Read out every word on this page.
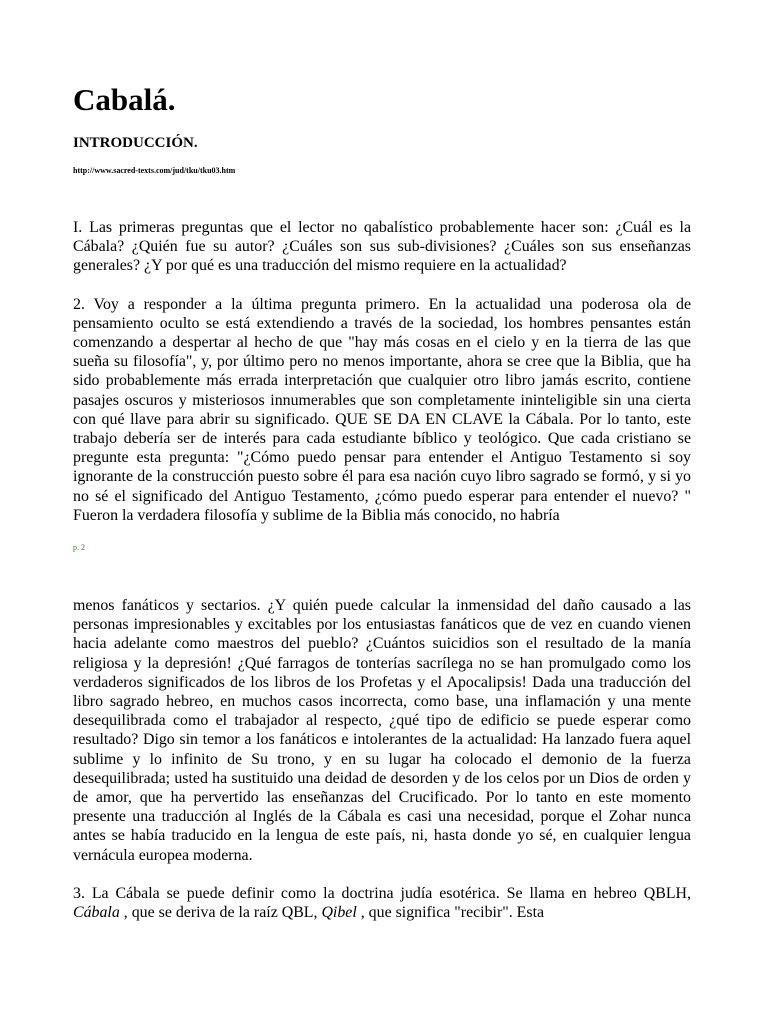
Cabalá.
INTRODUCCIÓN.
http://www.sacred-texts.com/jud/tku/tku03.htm

I. Las primeras preguntas que el lector no qabalístico probablemente hacer son: ¿Cuál es la Cábala? ¿Quién fue su autor? ¿Cuáles son sus sub-divisiones? ¿Cuáles son sus enseñanzas generales? ¿Y por qué es una traducción del mismo requiere en la actualidad?

2. Voy a responder a la última pregunta primero. En la actualidad una poderosa ola de pensamiento oculto se está extendiendo a través de la sociedad, los hombres pensantes están comenzando a despertar al hecho de que "hay más cosas en el cielo y en la tierra de las que sueña su filosofía", y, por último pero no menos importante, ahora se cree que la Biblia, que ha sido probablemente más errada interpretación que cualquier otro libro jamás escrito, contiene pasajes oscuros y misteriosos innumerables que son completamente ininteligible sin una cierta con qué llave para abrir su significado. QUE SE DA EN CLAVE la Cábala. Por lo tanto, este trabajo debería ser de interés para cada estudiante bíblico y teológico. Que cada cristiano se pregunte esta pregunta: "¿Cómo puedo pensar para entender el Antiguo Testamento si soy ignorante de la construcción puesto sobre él para esa nación cuyo libro sagrado se formó, y si yo no sé el significado del Antiguo Testamento, ¿cómo puedo esperar para entender el nuevo? " Fueron la verdadera filosofía y sublime de la Biblia más conocido, no habría

p. 2

menos fanáticos y sectarios. ¿Y quién puede calcular la inmensidad del daño causado a las personas impresionables y excitables por los entusiastas fanáticos que de vez en cuando vienen hacia adelante como maestros del pueblo? ¿Cuántos suicidios son el resultado de la manía religiosa y la depresión! ¿Qué farragos de tonterías sacrílega no se han promulgado como los verdaderos significados de los libros de los Profetas y el Apocalipsis! Dada una traducción del libro sagrado hebreo, en muchos casos incorrecta, como base, una inflamación y una mente desequilibrada como el trabajador al respecto, ¿qué tipo de edificio se puede esperar como resultado? Digo sin temor a los fanáticos e intolerantes de la actualidad: Ha lanzado fuera aquel sublime y lo infinito de Su trono, y en su lugar ha colocado el demonio de la fuerza desequilibrada; usted ha sustituido una deidad de desorden y de los celos por un Dios de orden y de amor, que ha pervertido las enseñanzas del Crucificado. Por lo tanto en este momento presente una traducción al Inglés de la Cábala es casi una necesidad, porque el Zohar nunca antes se había traducido en la lengua de este país, ni, hasta donde yo sé, en cualquier lengua vernácula europea moderna.

3. La Cábala se puede definir como la doctrina judía esotérica. Se llama en hebreo QBLH, Cábala , que se deriva de la raíz QBL, Qibel , que significa "recibir". Esta
